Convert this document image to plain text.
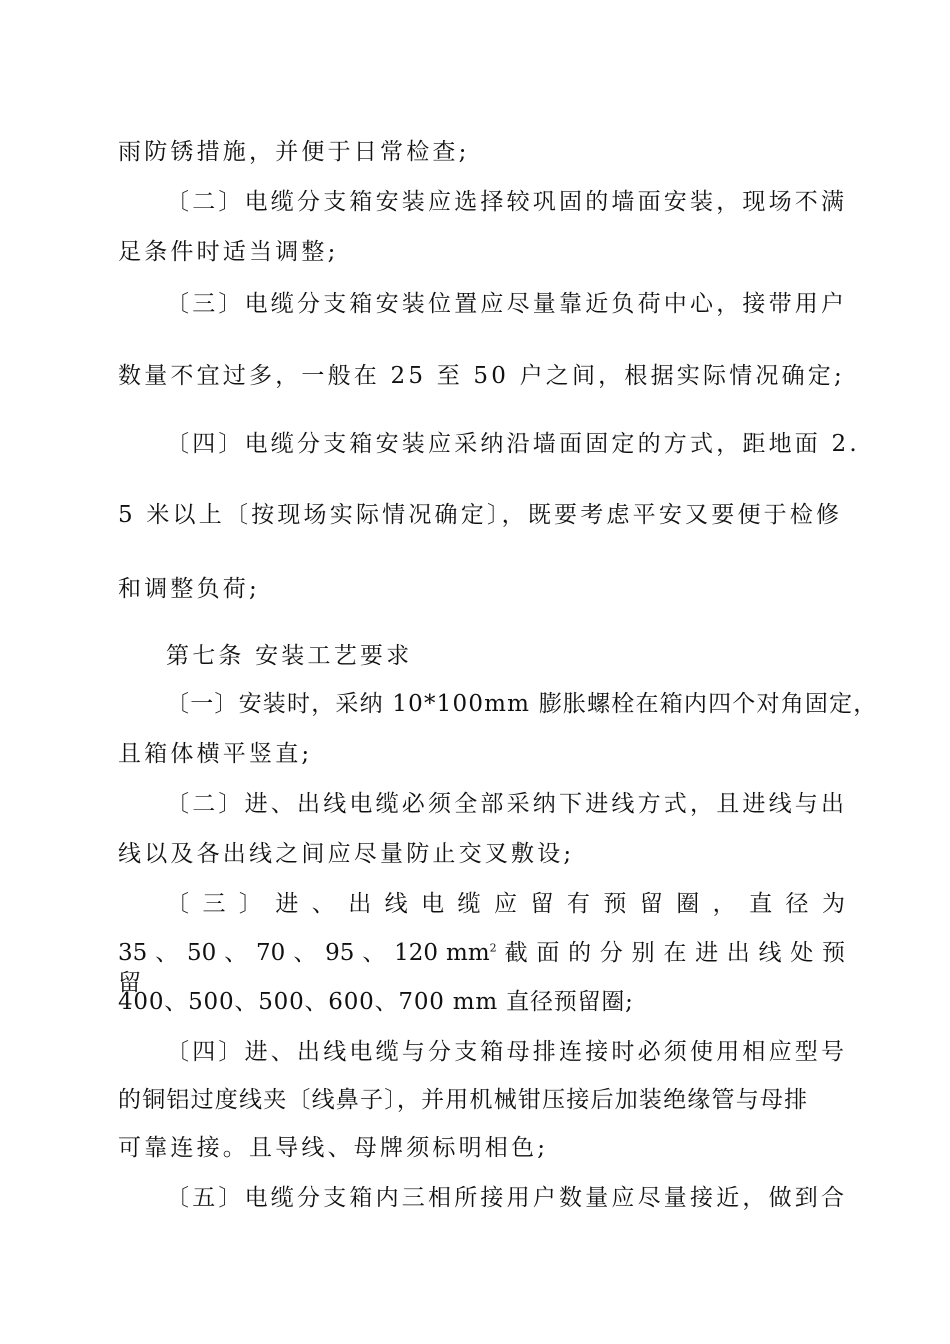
雨防锈措施，并便于日常检查;
〔二〕电缆分支箱安装应选择较巩固的墙面安装，现场不满
足条件时适当调整;
〔三〕电缆分支箱安装位置应尽量靠近负荷中心，接带用户
数量不宜过多，一般在 25 至 50 户之间，根据实际情况确定;
〔四〕电缆分支箱安装应采纳沿墙面固定的方式，距地面 2.
5 米以上〔按现场实际情况确定〕，既要考虑平安又要便于检修
和调整负荷;
第七条 安装工艺要求
〔一〕安装时，采纳 10*100mm 膨胀螺栓在箱内四个对角固定，
且箱体横平竖直;
〔二〕进、出线电缆必须全部采纳下进线方式，且进线与出
线以及各出线之间应尽量防止交叉敷设;
〔 三 〕 进 、 出 线 电 缆 应 留 有 预 留 圈 ， 直 径 为
35 、 50 、 70 、 95 、 120 $mm^2$ 截 面 的 分 别 在 进 出 线 处 预 留
400、500、500、600、700 mm 直径预留圈;
〔四〕进、出线电缆与分支箱母排连接时必须使用相应型号
的铜铝过度线夹〔线鼻子〕，并用机械钳压接后加装绝缘管与母排
可靠连接。且导线、母牌须标明相色;
〔五〕电缆分支箱内三相所接用户数量应尽量接近，做到合
